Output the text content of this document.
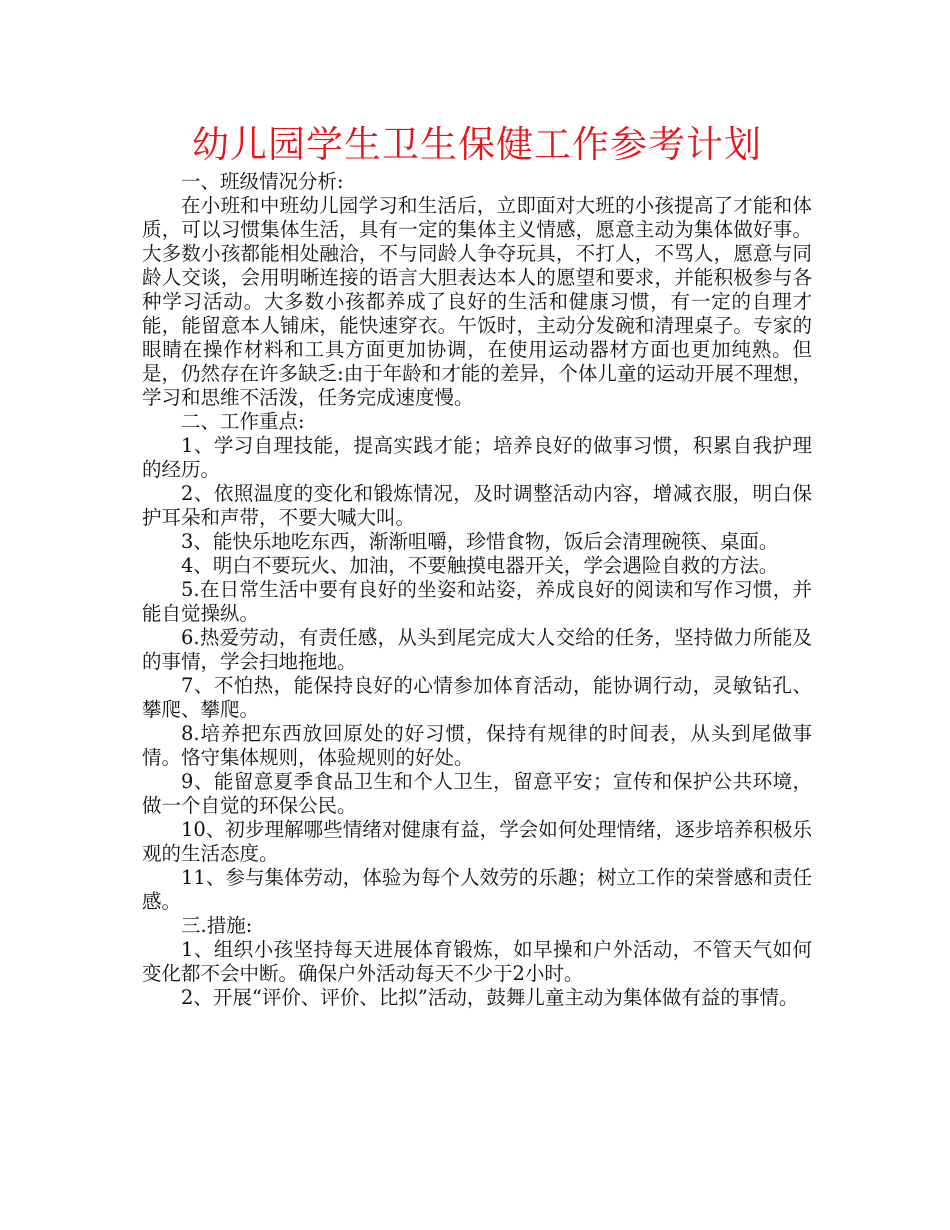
幼儿园学生卫生保健工作参考计划

一、班级情况分析:

在小班和中班幼儿园学习和生活后，立即面对大班的小孩提高了才能和体质，可以习惯集体生活，具有一定的集体主义情感，愿意主动为集体做好事。大多数小孩都能相处融洽，不与同龄人争夺玩具，不打人，不骂人，愿意与同龄人交谈，会用明晰连接的语言大胆表达本人的愿望和要求，并能积极参与各种学习活动。大多数小孩都养成了良好的生活和健康习惯，有一定的自理才能，能留意本人铺床，能快速穿衣。午饭时，主动分发碗和清理桌子。专家的眼睛在操作材料和工具方面更加协调，在使用运动器材方面也更加纯熟。但是，仍然存在许多缺乏:由于年龄和才能的差异，个体儿童的运动开展不理想，学习和思维不活泼，任务完成速度慢。

二、工作重点:

1、学习自理技能，提高实践才能；培养良好的做事习惯，积累自我护理的经历。

2、依照温度的变化和锻炼情况，及时调整活动内容，增减衣服，明白保护耳朵和声带，不要大喊大叫。

3、能快乐地吃东西，渐渐咀嚼，珍惜食物，饭后会清理碗筷、桌面。

4、明白不要玩火、加油，不要触摸电器开关，学会遇险自救的方法。

5.在日常生活中要有良好的坐姿和站姿，养成良好的阅读和写作习惯，并能自觉操纵。

6.热爱劳动，有责任感，从头到尾完成大人交给的任务，坚持做力所能及的事情，学会扫地拖地。

7、不怕热，能保持良好的心情参加体育活动，能协调行动，灵敏钻孔、攀爬、攀爬。

8.培养把东西放回原处的好习惯，保持有规律的时间表，从头到尾做事情。恪守集体规则，体验规则的好处。

9、能留意夏季食品卫生和个人卫生，留意平安；宣传和保护公共环境，做一个自觉的环保公民。

10、初步理解哪些情绪对健康有益，学会如何处理情绪，逐步培养积极乐观的生活态度。

11、参与集体劳动，体验为每个人效劳的乐趣；树立工作的荣誉感和责任感。

三.措施:

1、组织小孩坚持每天进展体育锻炼，如早操和户外活动，不管天气如何变化都不会中断。确保户外活动每天不少于2小时。

2、开展“评价、评价、比拟”活动，鼓舞儿童主动为集体做有益的事情。
